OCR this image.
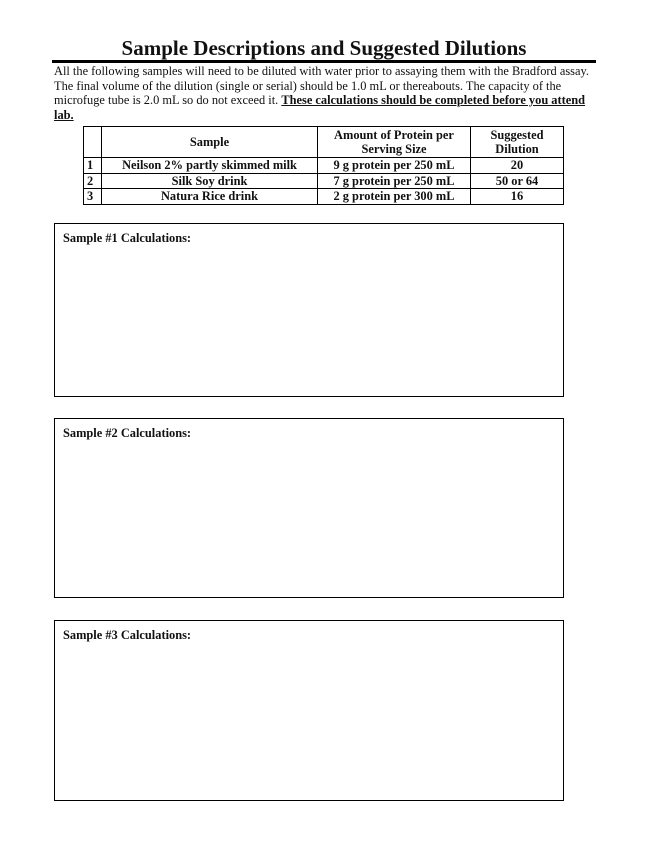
Sample Descriptions and Suggested Dilutions
All the following samples will need to be diluted with water prior to assaying them with the Bradford assay. The final volume of the dilution (single or serial) should be 1.0 mL or thereabouts. The capacity of the microfuge tube is 2.0 mL so do not exceed it. These calculations should be completed before you attend lab.
	Sample	Amount of Protein per Serving Size	Suggested Dilution
1	Neilson 2% partly skimmed milk	9 g protein per 250 mL	20
2	Silk Soy drink	7 g protein per 250 mL	50 or 64
3	Natura Rice drink	2 g protein per 300 mL	16
Sample #1 Calculations:
Sample #2 Calculations:
Sample #3 Calculations:
